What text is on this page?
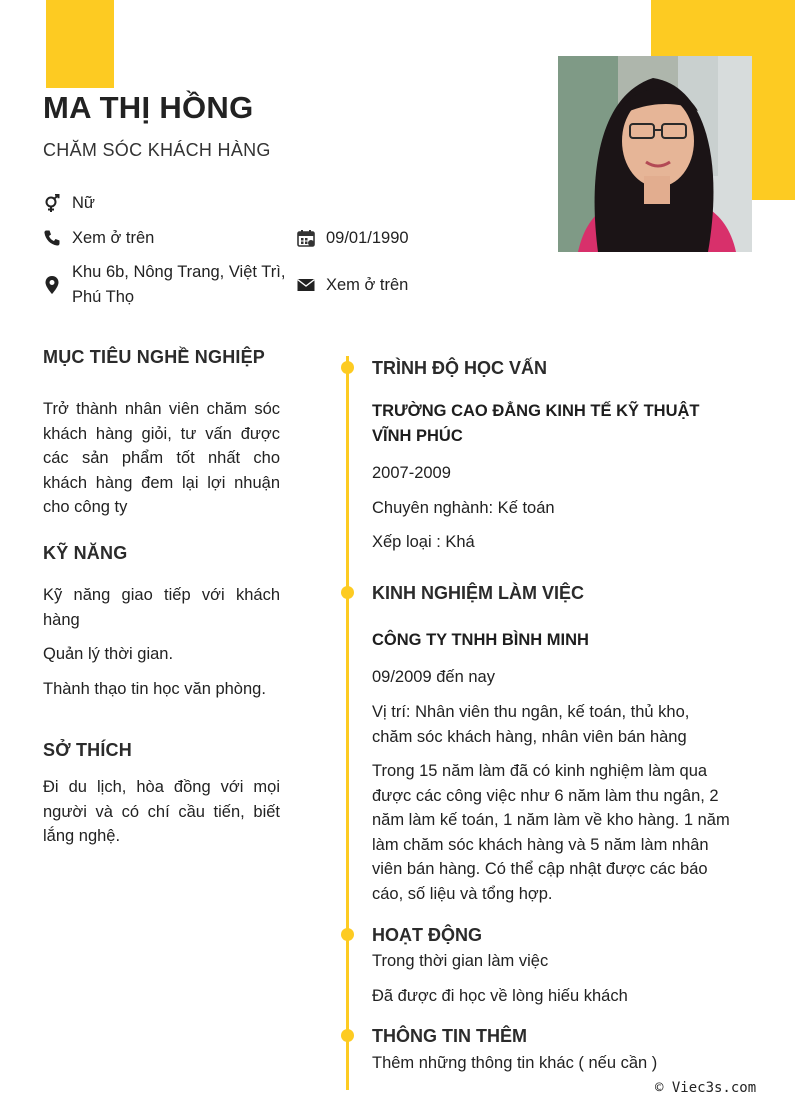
MA THỊ HỒNG
CHĂM SÓC KHÁCH HÀNG
Nữ
Xem ở trên	09/01/1990
Khu 6b, Nông Trang, Việt Trì,
Phú Thọ
Xem ở trên
MỤC TIÊU NGHỀ NGHIỆP
Trở thành nhân viên chăm sóc khách hàng giỏi, tư vấn được các sản phẩm tốt nhất cho khách hàng đem lại lợi nhuận cho công ty
KỸ NĂNG
Kỹ năng giao tiếp với khách hàng
Quản lý thời gian.
Thành thạo tin học văn phòng.
SỞ THÍCH
Đi du lịch, hòa đồng với mọi người và có chí cầu tiến, biết lắng nghệ.
TRÌNH ĐỘ HỌC VẤN
TRƯỜNG CAO ĐẲNG KINH TẾ KỸ THUẬT VĨNH PHÚC
2007-2009
Chuyên nghành: Kế toán
Xếp loại : Khá
KINH NGHIỆM LÀM VIỆC
CÔNG TY TNHH BÌNH MINH
09/2009 đến nay
Vị trí: Nhân viên thu ngân, kế toán, thủ kho, chăm sóc khách hàng, nhân viên bán hàng
Trong 15 năm làm đã có kinh nghiệm làm qua được các công việc như 6 năm làm thu ngân, 2 năm làm kế toán, 1 năm làm về kho hàng. 1 năm làm chăm sóc khách hàng và 5 năm làm nhân viên bán hàng. Có thể cập nhật được các báo cáo, số liệu và tổng hợp.
HOẠT ĐỘNG
Trong thời gian làm việc
Đã được đi học về lòng hiếu khách
THÔNG TIN THÊM
Thêm những thông tin khác ( nếu cần )
© Viec3s.com
